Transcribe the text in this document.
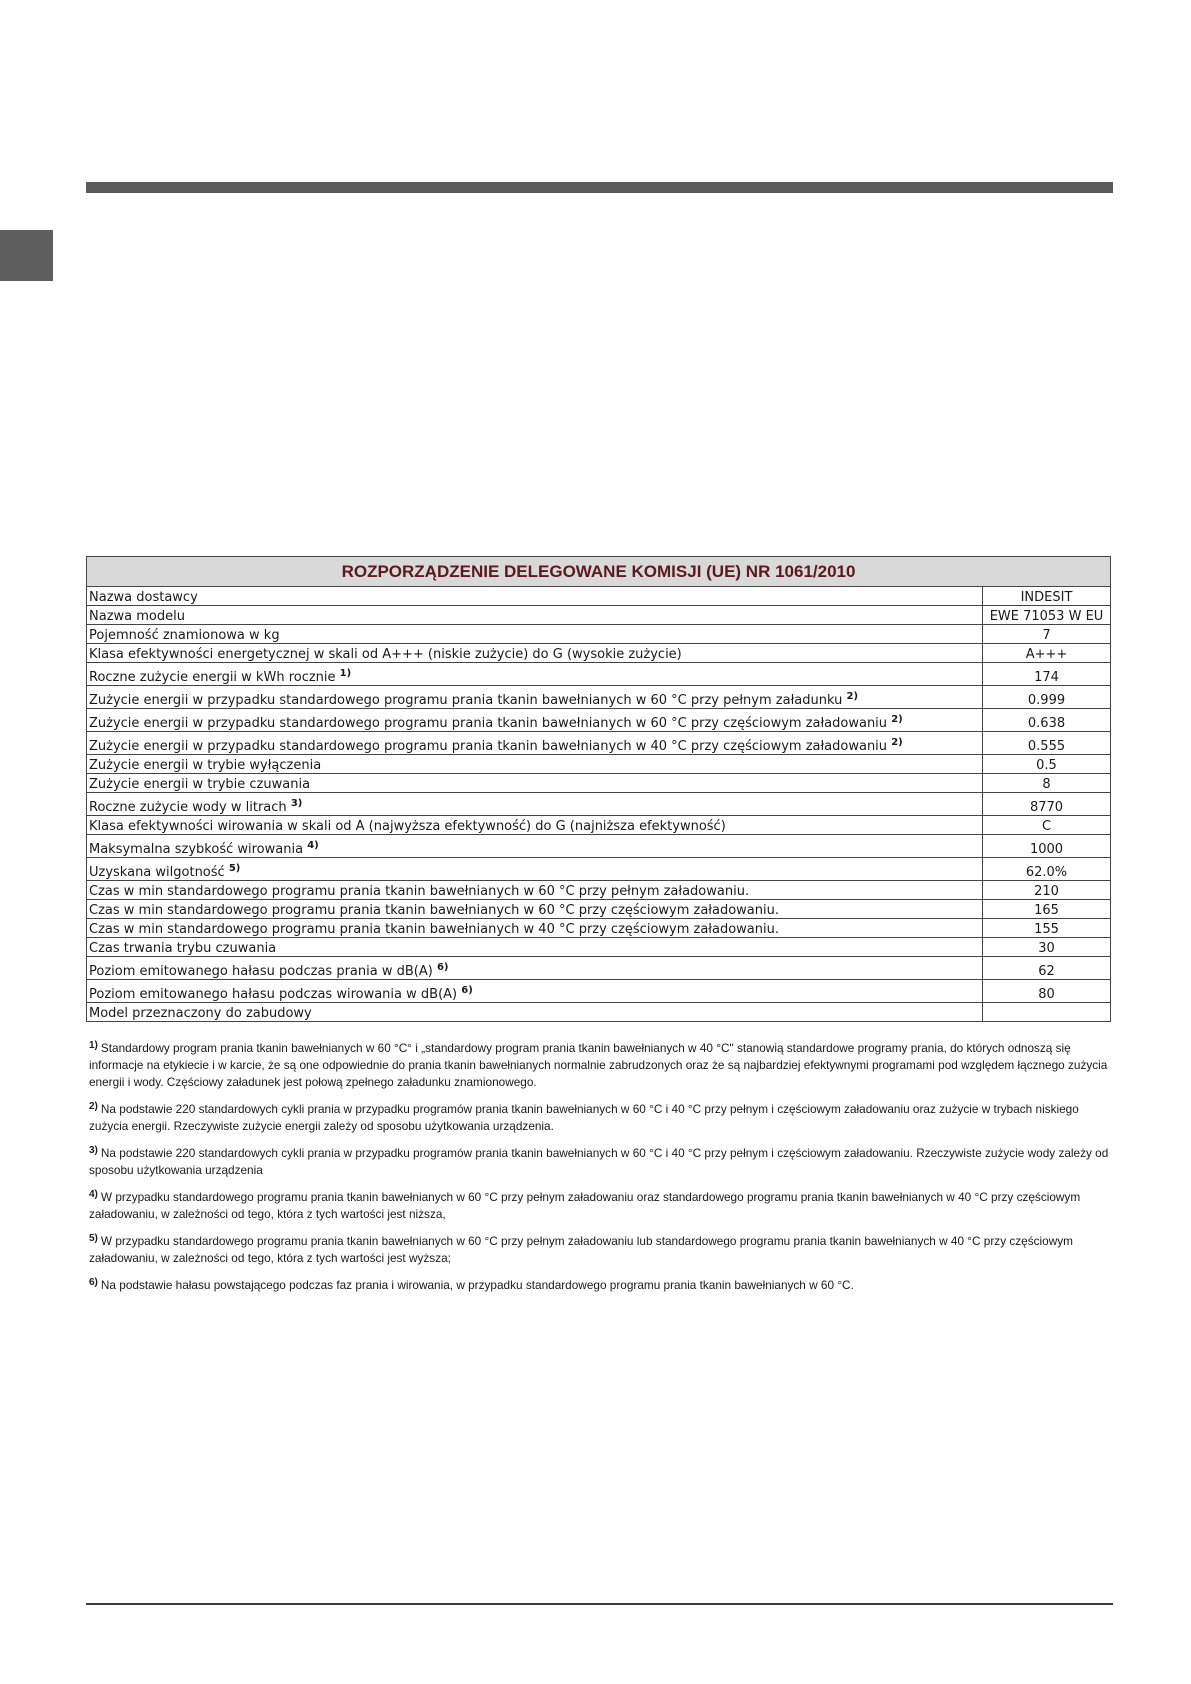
ROZPORZĄDZENIE DELEGOWANE KOMISJI (UE) NR 1061/2010	
Nazwa dostawcy	INDESIT
Nazwa modelu	EWE 71053 W EU
Pojemność znamionowa w kg	7
Klasa efektywności energetycznej w skali od A+++ (niskie zużycie) do G (wysokie zużycie)	A+++
Roczne zużycie energii w kWh rocznie $^{1)}$	174
Zużycie energii w przypadku standardowego programu prania tkanin bawełnianych w 60 °C przy pełnym załadunku $^{2)}$	0.999
Zużycie energii w przypadku standardowego programu prania tkanin bawełnianych w 60 °C przy częściowym załadowaniu $^{2)}$	0.638
Zużycie energii w przypadku standardowego programu prania tkanin bawełnianych w 40 °C przy częściowym załadowaniu $^{2)}$	0.555
Zużycie energii w trybie wyłączenia	0.5
Zużycie energii w trybie czuwania	8
Roczne zużycie wody w litrach $^{3)}$	8770
Klasa efektywności wirowania w skali od A (najwyższa efektywność) do G (najniższa efektywność)	C
Maksymalna szybkość wirowania $^{4)}$	1000
Uzyskana wilgotność $^{5)}$	62.0%
Czas w min standardowego programu prania tkanin bawełnianych w 60 °C przy pełnym załadowaniu.	210
Czas w min standardowego programu prania tkanin bawełnianych w 60 °C przy częściowym załadowaniu.	165
Czas w min standardowego programu prania tkanin bawełnianych w 40 °C przy częściowym załadowaniu.	155
Czas trwania trybu czuwania	30
Poziom emitowanego hałasu podczas prania w dB(A) $^{6)}$	62
Poziom emitowanego hałasu podczas wirowania w dB(A) $^{6)}$	80
Model przeznaczony do zabudowy	

$^{1)}$ Standardowy program prania tkanin bawełnianych w 60 °C° i „standardowy program prania tkanin bawełnianych w 40 °C" stanowią standardowe programy prania, do których odnoszą się informacje na etykiecie i w karcie, że są one odpowiednie do prania tkanin bawełnianych normalnie zabrudzonych oraz że są najbardziej efektywnymi programami pod względem łącznego zużycia energii i wody. Częściowy załadunek jest połową zpełnego załadunku znamionowego.

$^{2)}$ Na podstawie 220 standardowych cykli prania w przypadku programów prania tkanin bawełnianych w 60 °C i 40 °C przy pełnym i częściowym załadowaniu oraz zużycie w trybach niskiego zużycia energii. Rzeczywiste zużycie energii zależy od sposobu użytkowania urządzenia.

$^{3)}$ Na podstawie 220 standardowych cykli prania w przypadku programów prania tkanin bawełnianych w 60 °C i 40 °C przy pełnym i częściowym załadowaniu. Rzeczywiste zużycie wody zależy od sposobu użytkowania urządzenia

$^{4)}$ W przypadku standardowego programu prania tkanin bawełnianych w 60 °C przy pełnym załadowaniu oraz standardowego programu prania tkanin bawełnianych w 40 °C przy częściowym załadowaniu, w zależności od tego, która z tych wartości jest niższa,

$^{5)}$ W przypadku standardowego programu prania tkanin bawełnianych w 60 °C przy pełnym załadowaniu lub standardowego programu prania tkanin bawełnianych w 40 °C przy częściowym załadowaniu, w zależności od tego, która z tych wartości jest wyższa;

$^{6)}$ Na podstawie hałasu powstającego podczas faz prania i wirowania, w przypadku standardowego programu prania tkanin bawełnianych w 60 °C.
